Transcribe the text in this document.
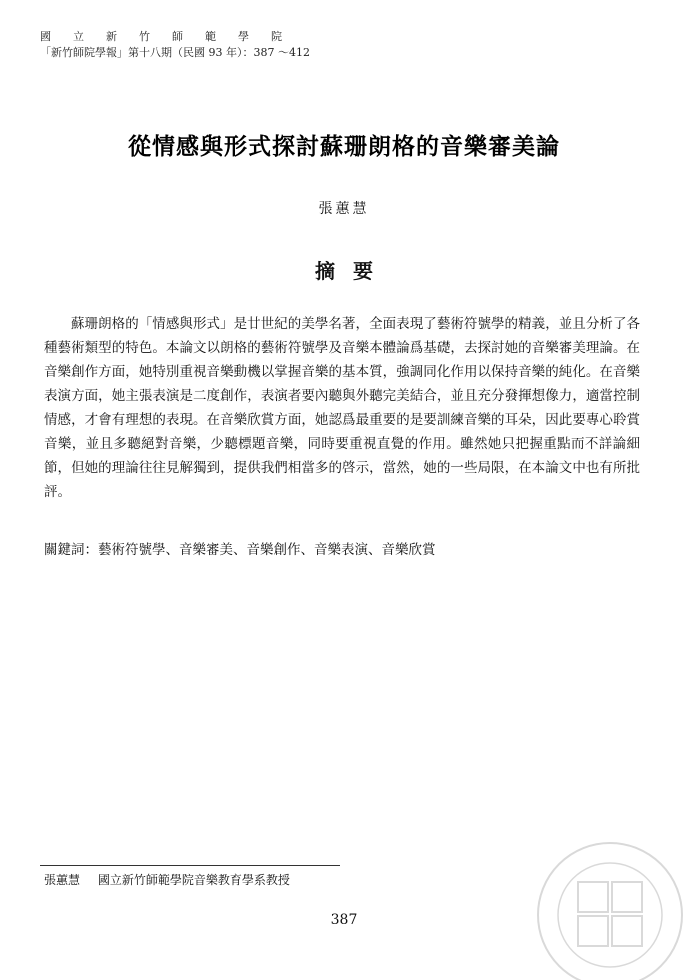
國立新竹師範學院
「新竹師院學報」第十八期（民國 93 年）：387 ～412
從情感與形式探討蘇珊朗格的音樂審美論
張蕙慧
摘要
蘇珊朗格的「情感與形式」是廿世紀的美學名著，全面表現了藝術符號學的精義，並且分析了各種藝術類型的特色。本論文以朗格的藝術符號學及音樂本體論爲基礎，去探討她的音樂審美理論。在音樂創作方面，她特別重視音樂動機以掌握音樂的基本質，強調同化作用以保持音樂的純化。在音樂表演方面，她主張表演是二度創作，表演者要內聽與外聽完美結合，並且充分發揮想像力，適當控制情感，才會有理想的表現。在音樂欣賞方面，她認爲最重要的是要訓練音樂的耳朵，因此要專心聆賞音樂，並且多聽絕對音樂，少聽標題音樂，同時要重視直覺的作用。雖然她只把握重點而不詳論細節，但她的理論往往見解獨到，提供我們相當多的啓示，當然，她的一些局限，在本論文中也有所批評。
關鍵詞：藝術符號學、音樂審美、音樂創作、音樂表演、音樂欣賞
張蕙慧 國立新竹師範學院音樂教育學系教授
387
